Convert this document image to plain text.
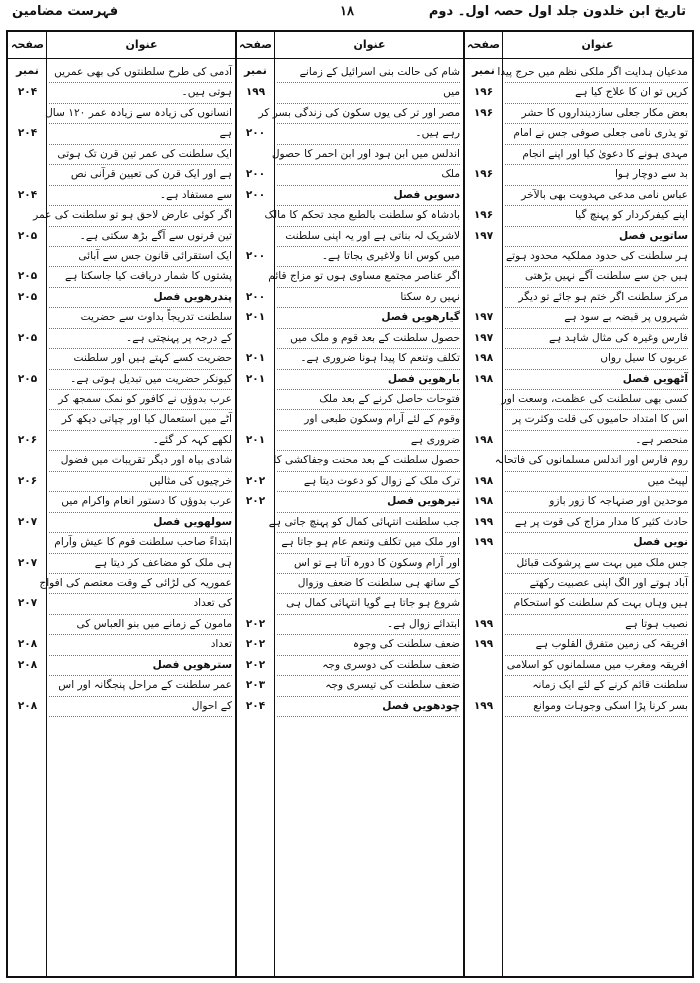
تاریخ ابن خلدون جلد اول حصہ اول۔ دوم
۱۸
فہرست مضامین
عنوان
صفحہ نمبر مدعیان ہدایت اگر ملکی نظم میں حرج پیدا
کریں تو ان کا علاج کیا ہے
۱۹۶
بعض مکار جعلی سازدینداروں کا حشر
۱۹۶
تو یذری نامی جعلی صوفی جس نے امام
مہدی ہونے کا دعویٰ کیا اور اپنے انجام
بد سے دوچار ہوا
۱۹۶
عباس نامی مدعی مہدویت بھی بالآخر
اپنے کیفرکردار کو پہنچ گیا
۱۹۶
ساتویں فصل
۱۹۷
ہر سلطنت کی حدود مملکیہ محدود ہوتے
ہیں جن سے سلطنت آگے نہیں بڑھتی
مرکز سلطنت اگر ختم ہو جائے تو دیگر
شہروں پر قبضہ بے سود ہے
۱۹۷
فارس وغیرہ کی مثال شاہد ہے
۱۹۷
عربوں کا سیل رواں
۱۹۸
آٹھویں فصل
۱۹۸
کسی بھی سلطنت کی عظمت، وسعت اور
اس کا امتداد حامیوں کی قلت وکثرت پر
منحصر ہے۔
۱۹۸
روم فارس اور اندلس مسلمانوں کی فاتحانہ
لپیٹ میں
۱۹۸
موحدین اور صنہاجہ کا زور بازو
۱۹۸
حادث کثیر کا مدار مزاج کی قوت پر ہے
۱۹۹
نویں فصل
۱۹۹
جس ملک میں بہت سے پرشوکت قبائل
آباد ہوتے اور الگ اپنی عصبیت رکھتے
ہیں وہاں بہت کم سلطنت کو استحکام
نصیب ہوتا ہے
۱۹۹
افریقہ کی زمین متفرق القلوب ہے
۱۹۹
افریقہ ومغرب میں مسلمانوں کو اسلامی
سلطنت قائم کرنے کے لئے ایک زمانہ
بسر کرنا پڑا اسکی وجوہات وموانع
۱۹۹
عنوان
صفحہ نمبر	شام کی حالت بنی اسرائیل کے زمانے
میں
۱۹۹
مصر اور تر کی یوں سکون کی زندگی بسر کر
رہے ہیں۔
۲۰۰
اندلس میں ابن ہود اور ابن احمر کا حصول
ملک
۲۰۰
دسویں فصل
۲۰۰
بادشاہ کو سلطنت بالطبع مجد تحکم کا مالک
لاشریک لہ بناتی ہے اور یہ اپنی سلطنت
میں کوس انا ولاغیری بجاتا ہے۔
۲۰۰
اگر عناصر مجتمع مساوی ہوں تو مزاج قائم
نہیں رہ سکتا
۲۰۰
گیارھویں فصل
۲۰۱
حصول سلطنت کے بعد قوم و ملک میں
تکلف وتنعم کا پیدا ہونا ضروری ہے۔
۲۰۱
بارھویں فصل
۲۰۱
فتوحات حاصل کرنے کے بعد ملک
وقوم کے لئے آرام وسکون طبعی اور
ضروری ہے
۲۰۱
حصول سلطنت کے بعد محنت وجفاکشی کا
ترک ملک کے زوال کو دعوت دیتا ہے
۲۰۲
تیرھویں فصل
۲۰۲
جب سلطنت انتہائی کمال کو پہنچ جاتی ہے
اور ملک میں تکلف وتنعم عام ہو جاتا ہے
اور آرام وسکون کا دورہ آتا ہے تو اس
کے ساتھ ہی سلطنت کا ضعف وزوال
شروع ہو جاتا ہے گویا انتہائی کمال ہی
ابتدائے زوال ہے۔
۲۰۲
ضعف سلطنت کی وجوہ
۲۰۲
ضعف سلطنت کی دوسری وجہ
۲۰۲
ضعف سلطنت کی تیسری وجہ
۲۰۳
چودھویں فصل
۲۰۴
عنوان
صفحہ نمبر	آدمی کی طرح سلطنتوں کی بھی عمریں
ہوتی ہیں۔
۲۰۴
انسانوں کی زیادہ سے زیادہ عمر ۱۲۰ سال
ہے
۲۰۴
ایک سلطنت کی عمر تین قرن تک ہوتی
ہے اور ایک قرن کی تعیین قرآنی نص
سے مستفاد ہے۔
۲۰۴
اگر کوئی عارض لاحق ہو تو سلطنت کی عمر
تین قرنوں سے آگے بڑھ سکتی ہے۔
۲۰۵
ایک استقرائی قانون جس سے آبائی
پشتوں کا شمار دریافت کیا جاسکتا ہے
۲۰۵
پندرھویں فصل
۲۰۵
سلطنت تدریجاً بداوت سے حضریت
کے درجہ پر پہنچتی ہے۔
۲۰۵
حضریت کسے کہتے ہیں اور سلطنت
کیونکر حضریت میں تبدیل ہوتی ہے۔
۲۰۵
عرب بدوؤں نے کافور کو نمک سمجھ کر
آٹے میں استعمال کیا اور چپاتی دیکھ کر
لکھے کہہ کر گئے۔
۲۰۶
شادی بیاہ اور دیگر تقریبات میں فضول
خرچیوں کی مثالیں
۲۰۶
عرب بدوؤں کا دستور انعام واکرام میں
سولھویں فصل
۲۰۷
ابتداءً صاحب سلطنت قوم کا عیش وآرام
ہی ملک کو مضاعف کر دیتا ہے
۲۰۷
عموریہ کی لڑائی کے وقت معتصم کی افواج
کی تعداد
۲۰۷
مامون کے زمانے میں بنو العباس کی
تعداد
۲۰۸
سترھویں فصل
۲۰۸
عمر سلطنت کے مراحل پنجگانہ اور اس
کے احوال
۲۰۸
